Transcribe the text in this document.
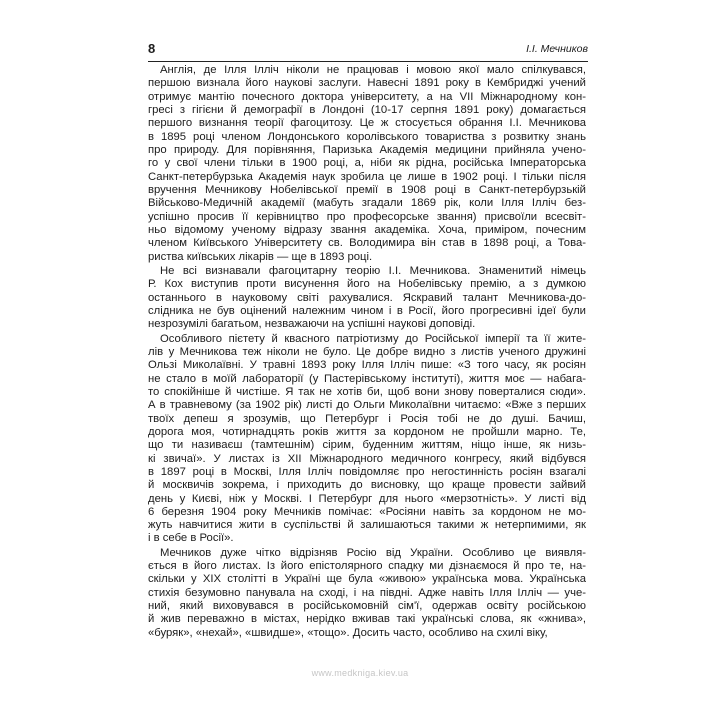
8	І.І. Мечников

Англія, де Ілля Ілліч ніколи не працював і мовою якої мало спілкувався,
першою визнала його наукові заслуги. Навесні 1891 року в Кембриджі учений
отримує мантію почесного доктора університету, а на VII Міжнародному кон-
гресі з гігієни й демографії в Лондоні (10-17 серпня 1891 року) домагається
першого визнання теорії фагоцитозу. Це ж стосується обрання І.І. Мечникова
в 1895 році членом Лондонського королівського товариства з розвитку знань
про природу. Для порівняння, Паризька Академія медицини прийняла учено-
го у свої члени тільки в 1900 році, а, ніби як рідна, російська Імператорська
Санкт-петербурзька Академія наук зробила це лише в 1902 році. І тільки після
вручення Мечникову Нобелівської премії в 1908 році в Санкт-петербурзькій
Військово-Медичній академії (мабуть згадали 1869 рік, коли Ілля Ілліч без-
успішно просив її керівництво про професорське звання) присвоїли всесвіт-
ньо відомому ученому відразу звання академіка. Хоча, приміром, почесним
членом Київського Університету св. Володимира він став в 1898 році, а Това-
риства київських лікарів — ще в 1893 році.

Не всі визнавали фагоцитарну теорію І.І. Мечникова. Знаменитий німець
Р. Кох виступив проти висунення його на Нобелівську премію, а з думкою
останнього в науковому світі рахувалися. Яскравий талант Мечникова-до-
слідника не був оцінений належним чином і в Росії, його прогресивні ідеї були
незрозумілі багатьом, незважаючи на успішні наукові доповіді.

Особливого пієтету й квасного патріотизму до Російської імперії та її жите-
лів у Мечникова теж ніколи не було. Це добре видно з листів ученого дружині
Ользі Миколаївні. У травні 1893 року Ілля Ілліч пише: «З того часу, як росіян
не стало в моїй лабораторії (у Пастерівському інституті), життя моє — набага-
то спокійніше й чистіше. Я так не хотів би, щоб вони знову поверталися сюди».
А в травневому (за 1902 рік) листі до Ольги Миколаївни читаємо: «Вже з перших
твоїх депеш я зрозумів, що Петербург і Росія тобі не до душі. Бачиш,
дорога моя, чотирнадцять років життя за кордоном не пройшли марно. Те,
що ти називаєш (тамтешнім) сірим, буденним життям, ніщо інше, як низь-
кі звичаї». У листах із XII Міжнародного медичного конгресу, який відбувся
в 1897 році в Москві, Ілля Ілліч повідомляє про негостинність росіян взагалі
й москвичів зокрема, і приходить до висновку, що краще провести зайвий
день у Києві, ніж у Москві. І Петербург для нього «мерзотність». У листі від
6 березня 1904 року Мечників помічає: «Росіяни навіть за кордоном не мо-
жуть навчитися жити в суспільстві й залишаються такими ж нетерпимими, як
і в себе в Росії».

Мечников дуже чітко відрізняв Росію від України. Особливо це виявля-
ється в його листах. Із його епістолярного спадку ми дізнаємося й про те, на-
скільки у XIX столітті в Україні ще була «живою» українська мова. Українська
стихія безумовно панувала на сході, і на півдні. Адже навіть Ілля Ілліч — уче-
ний, який виховувався в російськомовній сім'ї, одержав освіту російською
й жив переважно в містах, нерідко вживав такі українські слова, як «жнива»,
«буряк», «нехай», «швидше», «тощо». Досить часто, особливо на схилі віку,

www.medkniga.kiev.ua
